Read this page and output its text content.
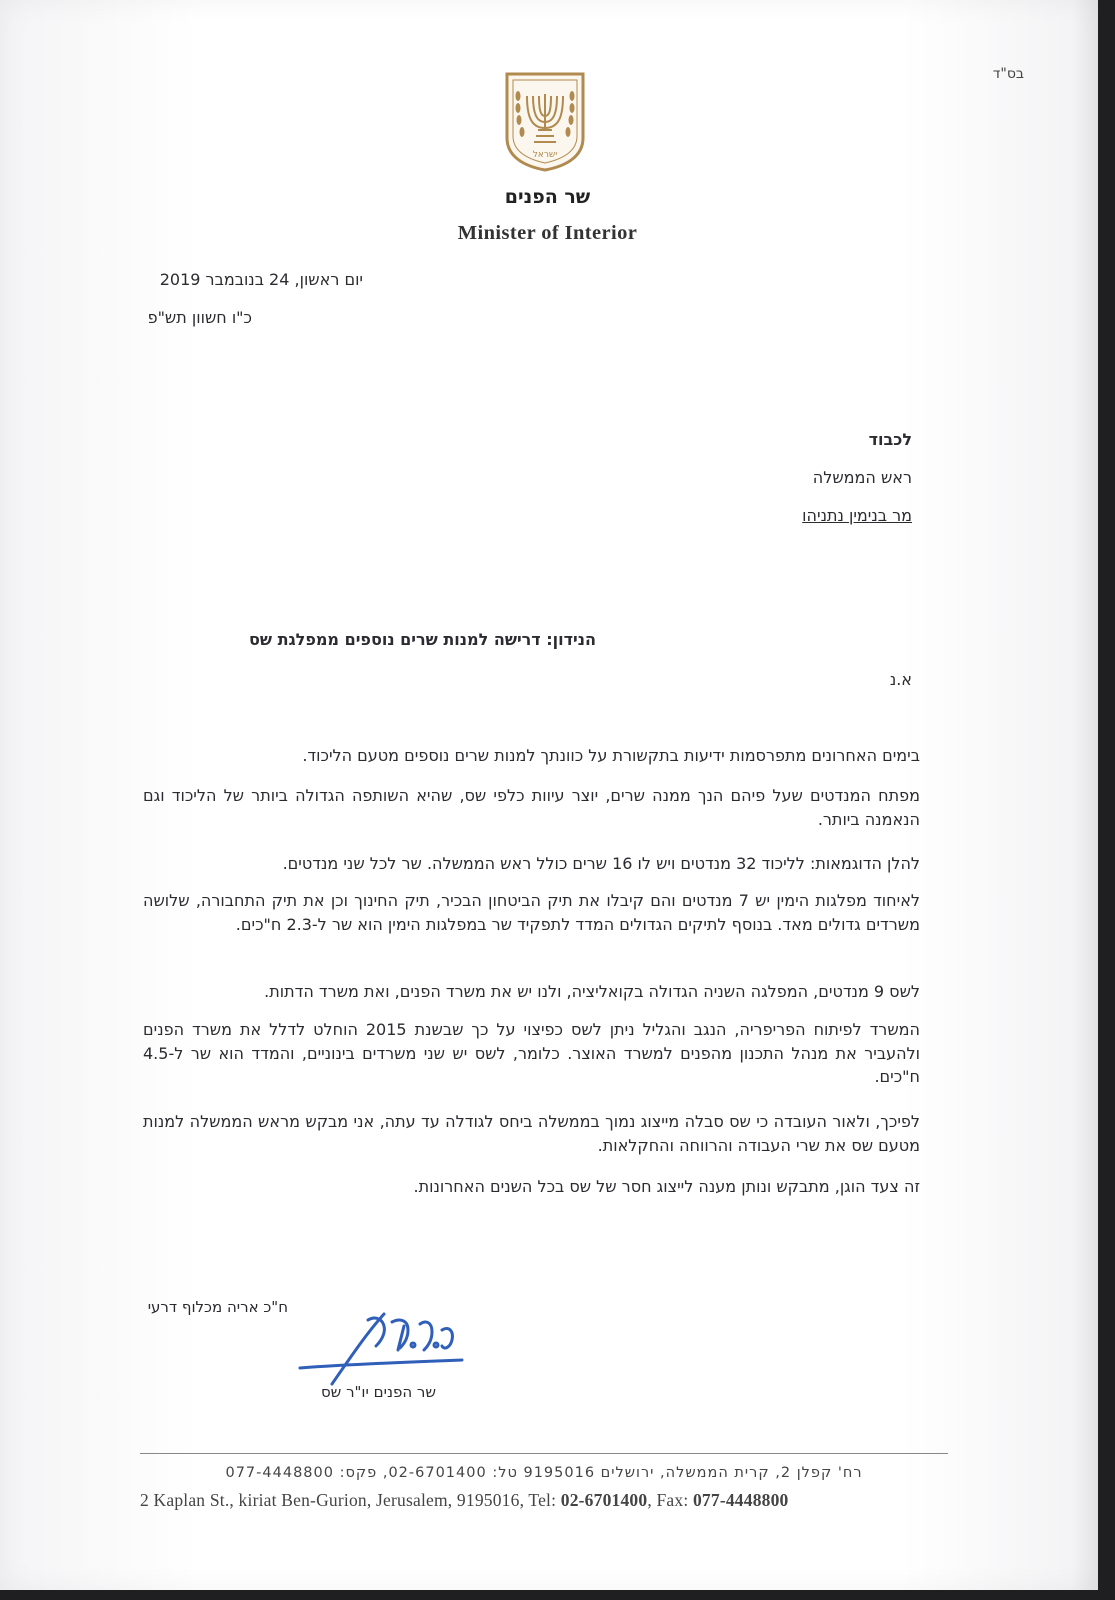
בס"ד
ישראל
שר הפנים
Minister of Interior
יום ראשון, 24 בנובמבר 2019
כ"ו חשוון תש"פ
לכבוד
ראש הממשלה
מר בנימין נתניהו
הנידון: דרישה למנות שרים נוספים ממפלגת שס
א.נ

בימים האחרונים מתפרסמות ידיעות בתקשורת על כוונתך למנות שרים נוספים מטעם הליכוד.

מפתח המנדטים שעל פיהם הנך ממנה שרים, יוצר עיוות כלפי שס, שהיא השותפה הגדולה ביותר של הליכוד וגם הנאמנה ביותר.

להלן הדוגמאות: לליכוד 32 מנדטים ויש לו 16 שרים כולל ראש הממשלה. שר לכל שני מנדטים.

לאיחוד מפלגות הימין יש 7 מנדטים והם קיבלו את תיק הביטחון הבכיר, תיק החינוך וכן את תיק התחבורה, שלושה משרדים גדולים מאד. בנוסף לתיקים הגדולים המדד לתפקיד שר במפלגות הימין הוא שר ל-2.3 ח"כים.

לשס 9 מנדטים, המפלגה השניה הגדולה בקואליציה, ולנו יש את משרד הפנים, ואת משרד הדתות.

המשרד לפיתוח הפריפריה, הנגב והגליל ניתן לשס כפיצוי על כך שבשנת 2015 הוחלט לדלל את משרד הפנים ולהעביר את מנהל התכנון מהפנים למשרד האוצר. כלומר, לשס יש שני משרדים בינוניים, והמדד הוא שר ל-4.5 ח"כים.

לפיכך, ולאור העובדה כי שס סבלה מייצוג נמוך בממשלה ביחס לגודלה עד עתה, אני מבקש מראש הממשלה למנות מטעם שס את שרי העבודה והרווחה והחקלאות.

זה צעד הוגן, מתבקש ונותן מענה לייצוג חסר של שס בכל השנים האחרונות.

ח"כ אריה מכלוף דרעי
שר הפנים יו"ר שס
רח' קפלן 2, קרית הממשלה, ירושלים 9195016 טל: 02-6701400, פקס: 077-4448800
2 Kaplan St., kiriat Ben-Gurion, Jerusalem, 9195016, Tel: 02-6701400, Fax: 077-4448800
